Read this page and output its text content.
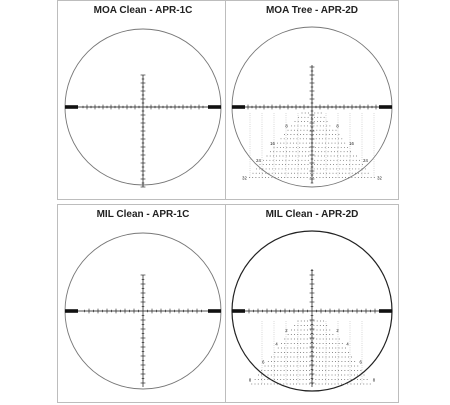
MOA Clean - APR-1C	MOA Tree - APR-2D
8
8
16
16
24
24
32
32
MIL Clean - APR-1C	MIL Clean - APR-2D
2
2
4
4
6
6
8
8
